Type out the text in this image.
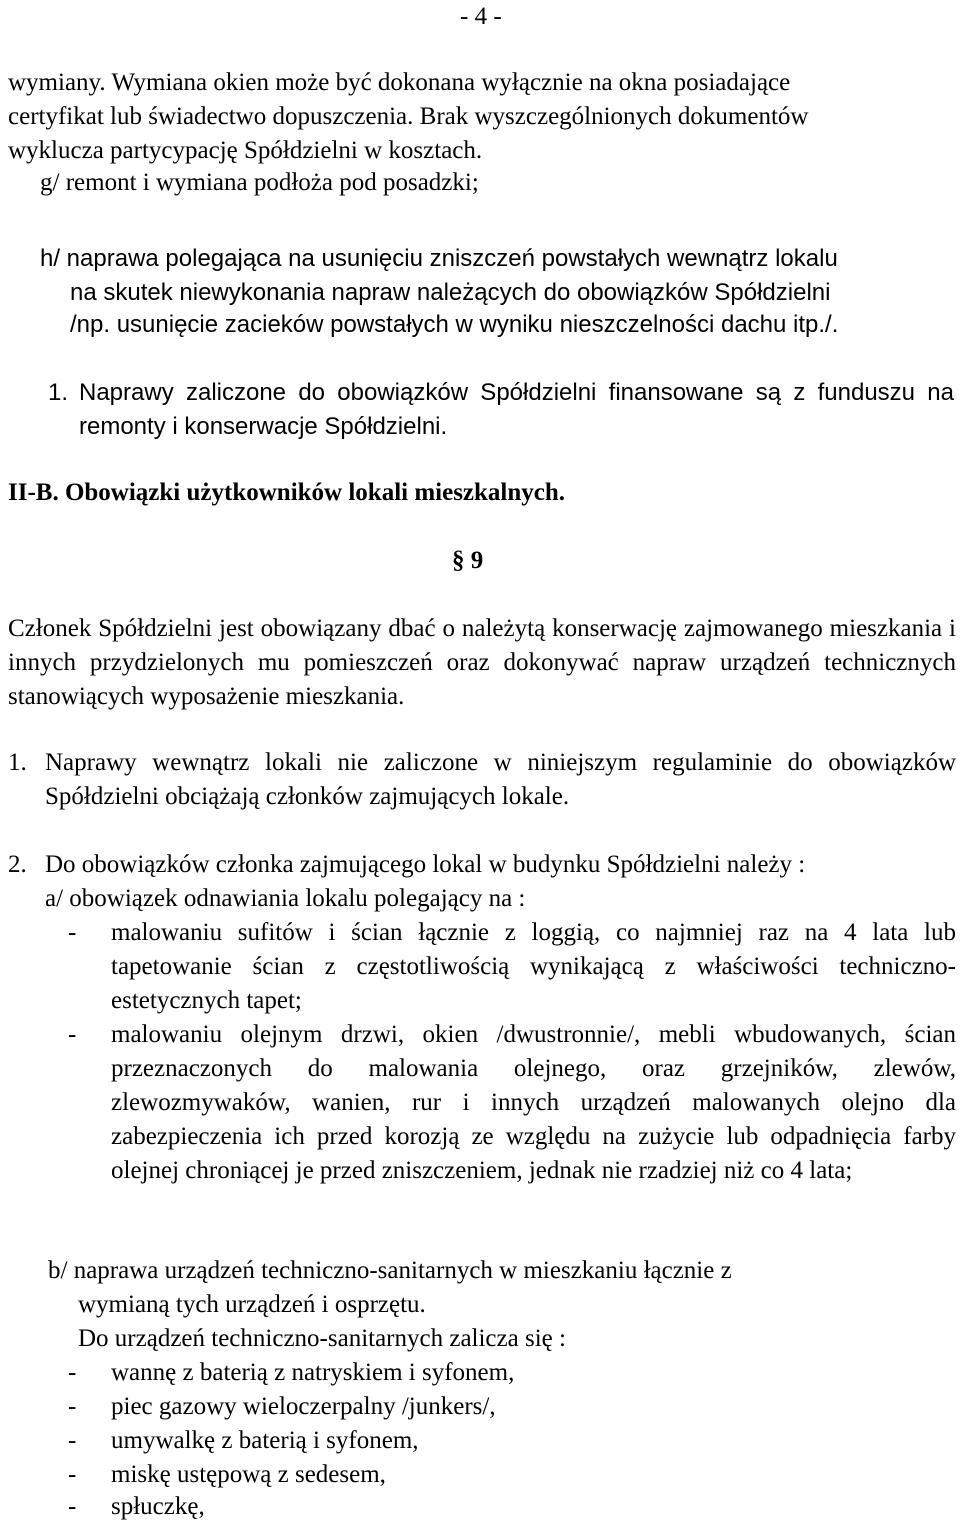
- 4 -
wymiany. Wymiana okien może być dokonana wyłącznie na okna posiadające
certyfikat lub świadectwo dopuszczenia. Brak wyszczególnionych dokumentów
wyklucza partycypację Spółdzielni w kosztach.
g/ remont i wymiana podłoża pod posadzki;
h/ naprawa polegająca na usunięciu zniszczeń powstałych wewnątrz lokalu
na skutek niewykonania napraw należących do obowiązków Spółdzielni
/np. usunięcie zacieków powstałych w wyniku nieszczelności dachu itp./.
1. Naprawy zaliczone do obowiązków Spółdzielni finansowane są z funduszu na remonty i konserwacje Spółdzielni.
II-B. Obowiązki użytkowników lokali mieszkalnych.
§ 9
Członek Spółdzielni jest obowiązany dbać o należytą konserwację zajmowanego mieszkania i innych przydzielonych mu pomieszczeń oraz dokonywać napraw urządzeń technicznych stanowiących wyposażenie mieszkania.
1. Naprawy wewnątrz lokali nie zaliczone w niniejszym regulaminie do obowiązków Spółdzielni obciążają członków zajmujących lokale.
2. Do obowiązków członka zajmującego lokal w budynku Spółdzielni należy :
a/ obowiązek odnawiania lokalu polegający na :
- malowaniu sufitów i ścian łącznie z loggią, co najmniej raz na 4 lata lub tapetowanie ścian z częstotliwością wynikającą z właściwości techniczno-estetycznych tapet;
- malowaniu olejnym drzwi, okien /dwustronnie/, mebli wbudowanych, ścian przeznaczonych do malowania olejnego, oraz grzejników, zlewów, zlewozmywaków, wanien, rur i innych urządzeń malowanych olejno dla zabezpieczenia ich przed korozją ze względu na zużycie lub odpadnięcia farby olejnej chroniącej je przed zniszczeniem, jednak nie rzadziej niż co 4 lata;
b/ naprawa urządzeń techniczno-sanitarnych w mieszkaniu łącznie z
wymianą tych urządzeń i osprzętu.
Do urządzeń techniczno-sanitarnych zalicza się :
- wannę z baterią z natryskiem i syfonem,
- piec gazowy wieloczerpalny /junkers/,
- umywalkę z baterią i syfonem,
- miskę ustępową z sedesem,
- spłuczkę,
